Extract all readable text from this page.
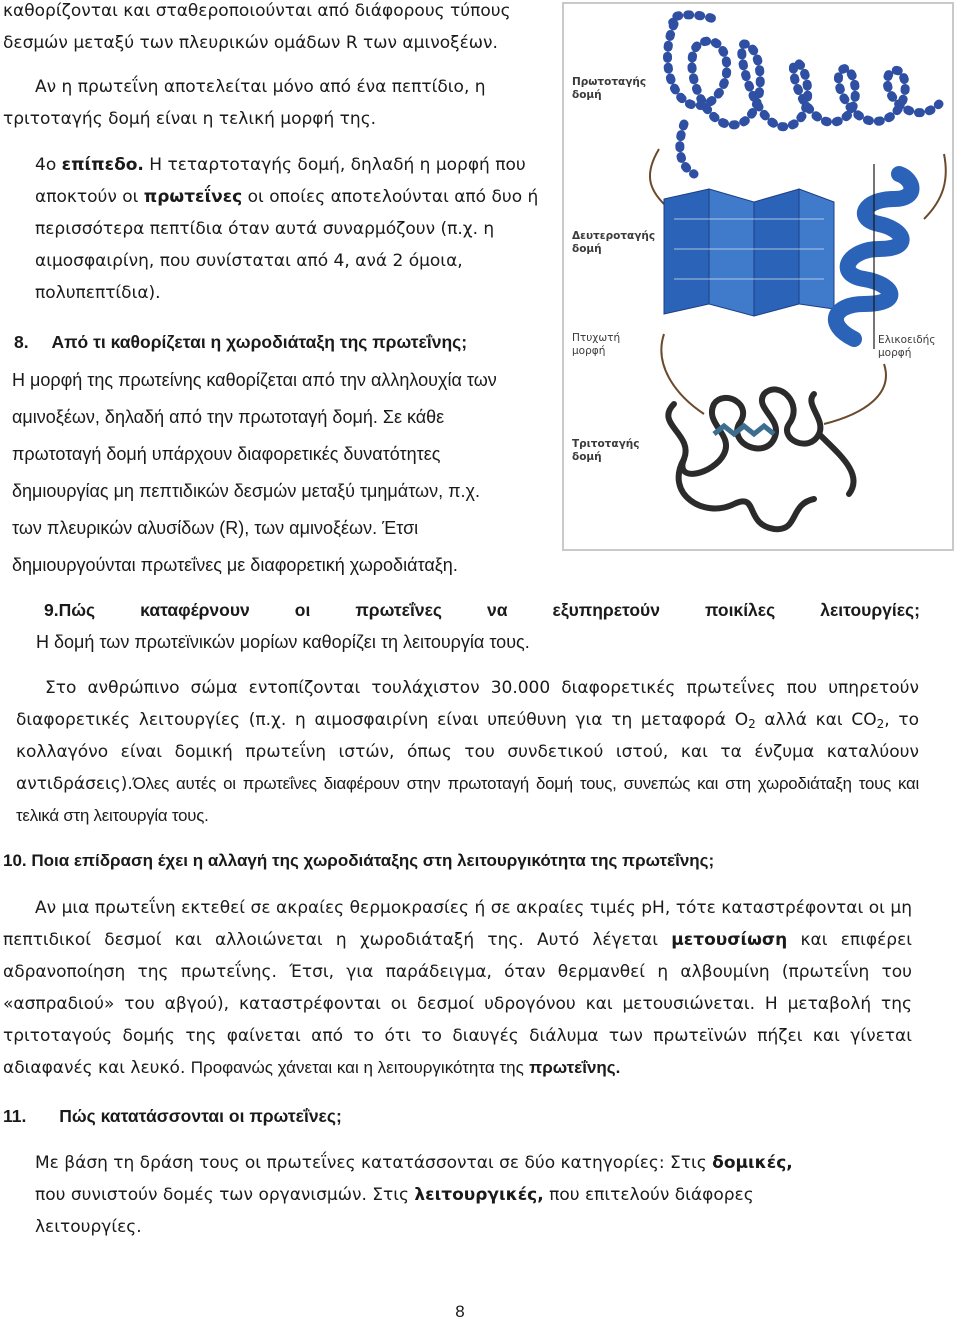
καθορίζονται και σταθεροποιούνται από διάφορους τύπους
δεσμών μεταξύ των πλευρικών ομάδων R των αμινοξέων.
Αν η πρωτεΐνη αποτελείται μόνο από ένα πεπτίδιο, η
τριτοταγής δομή είναι η τελική μορφή της.
4ο επίπεδο. Η τεταρτοταγής δομή, δηλαδή η μορφή που
αποκτούν οι πρωτεΐνες οι οποίες αποτελούνται από δυο ή
περισσότερα πεπτίδια όταν αυτά συναρμόζουν (π.χ. η
αιμοσφαιρίνη, που συνίσταται από 4, ανά 2 όμοια,
πολυπεπτίδια).
8. Από τι καθορίζεται η χωροδιάταξη της πρωτεΐνης;
Η μορφή της πρωτείνης καθορίζεται από την αλληλουχία των
αμινοξέων, δηλαδή από την πρωτοταγή δομή. Σε κάθε
πρωτοταγή δομή υπάρχουν διαφορετικές δυνατότητες
δημιουργίας μη πεπτιδικών δεσμών μεταξύ τμημάτων, π.χ.
των πλευρικών αλυσίδων (R), των αμινοξέων. Έτσι
δημιουργούνται πρωτεΐνες με διαφορετική χωροδιάταξη.
Πρωτοταγής
δομή
Δευτεροταγής
δομή
Πτυχωτή
μορφή
Ελικοειδής
μορφή
Τριτοταγής
δομή
9.Πώς	καταφέρνουν	οι	πρωτεΐνες	να	εξυπηρετούν	ποικίλες	λειτουργίες;
Η δομή των πρωτεϊνικών μορίων καθορίζει τη λειτουργία τους.
Στο ανθρώπινο σώμα εντοπίζονται τουλάχιστον 30.000 διαφορετικές πρωτεΐνες που υπηρετούν διαφορετικές λειτουργίες (π.χ. η αιμοσφαιρίνη είναι υπεύθυνη για τη μεταφορά $O_2$ αλλά και $CO_2$, το κολλαγόνο είναι δομική πρωτεΐνη ιστών, όπως του συνδετικού ιστού, και τα ένζυμα καταλύουν αντιδράσεις).Όλες αυτές οι πρωτεΐνες διαφέρουν στην πρωτοταγή δομή τους, συνεπώς και στη χωροδιάταξη τους και τελικά στη λειτουργία τους.
10. Ποια επίδραση έχει η αλλαγή της χωροδιάταξης στη λειτουργικότητα της πρωτεΐνης;
Αν μια πρωτεΐνη εκτεθεί σε ακραίες θερμοκρασίες ή σε ακραίες τιμές pH, τότε καταστρέφονται οι μη πεπτιδικοί δεσμοί και αλλοιώνεται η χωροδιάταξή της. Αυτό λέγεται μετουσίωση και επιφέρει αδρανοποίηση της πρωτεΐνης. Έτσι, για παράδειγμα, όταν θερμανθεί η αλβουμίνη (πρωτεΐνη του «ασπραδιού» του αβγού), καταστρέφονται οι δεσμοί υδρογόνου και μετουσιώνεται. Η μεταβολή της τριτοταγούς δομής της φαίνεται από το ότι το διαυγές διάλυμα των πρωτεϊνών πήζει και γίνεται αδιαφανές και λευκό. Προφανώς χάνεται και η λειτουργικότητα της πρωτεΐνης.
11. Πώς κατατάσσονται οι πρωτεΐνες;
Με βάση τη δράση τους οι πρωτεΐνες κατατάσσονται σε δύο κατηγορίες: Στις δομικές,
που συνιστούν δομές των οργανισμών. Στις λειτουργικές, που επιτελούν διάφορες
λειτουργίες.
8
